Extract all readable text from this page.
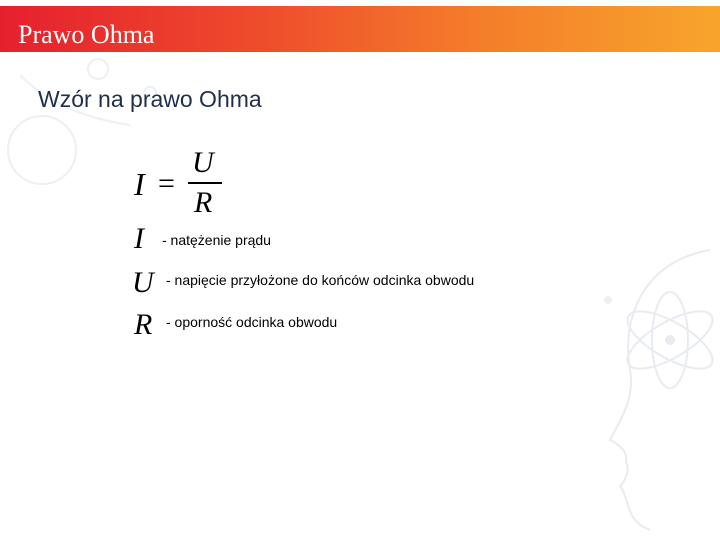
Prawo Ohma
Wzór na prawo Ohma
I =
U
R
I - natężenie prądu
U - napięcie przyłożone do końców odcinka obwodu
R - oporność odcinka obwodu
